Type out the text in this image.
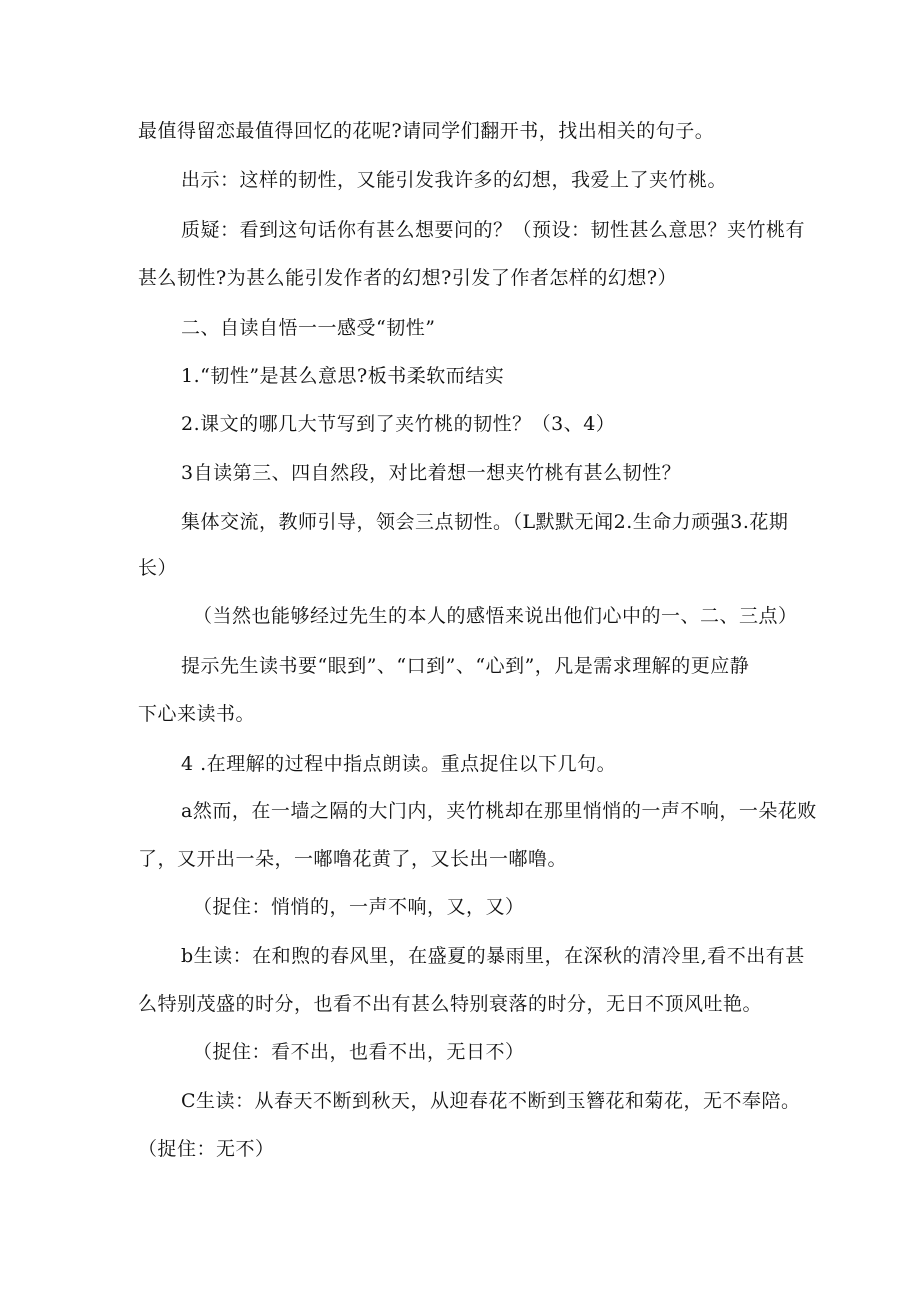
最值得留恋最值得回忆的花呢?请同学们翻开书，找出相关的句子。
出示：这样的韧性，又能引发我许多的幻想，我爱上了夹竹桃。
质疑：看到这句话你有甚么想要问的？（预设：韧性甚么意思？夹竹桃有
甚么韧性?为甚么能引发作者的幻想?引发了作者怎样的幻想?）
二、自读自悟一一感受“韧性”
1.“韧性”是甚么意思?板书柔软而结实
2.课文的哪几大节写到了夹竹桃的韧性？（3、4）
3自读第三、四自然段，对比着想一想夹竹桃有甚么韧性？
集体交流，教师引导，领会三点韧性。（L默默无闻2.生命力顽强3.花期
长）
（当然也能够经过先生的本人的感悟来说出他们心中的一、二、三点）
提示先生读书要“眼到”、“口到”、“心到”，凡是需求理解的更应静
下心来读书。
4 .在理解的过程中指点朗读。重点捉住以下几句。
a然而，在一墙之隔的大门内，夹竹桃却在那里悄悄的一声不响，一朵花败
了，又开出一朵，一嘟噜花黄了，又长出一嘟噜。
（捉住：悄悄的，一声不响，又，又）
b生读：在和煦的春风里，在盛夏的暴雨里，在深秋的清冷里,看不出有甚
么特别茂盛的时分，也看不出有甚么特别衰落的时分，无日不顶风吐艳。
（捉住：看不出，也看不出，无日不）
C生读：从春天不断到秋天，从迎春花不断到玉簪花和菊花，无不奉陪。
（捉住：无不）
